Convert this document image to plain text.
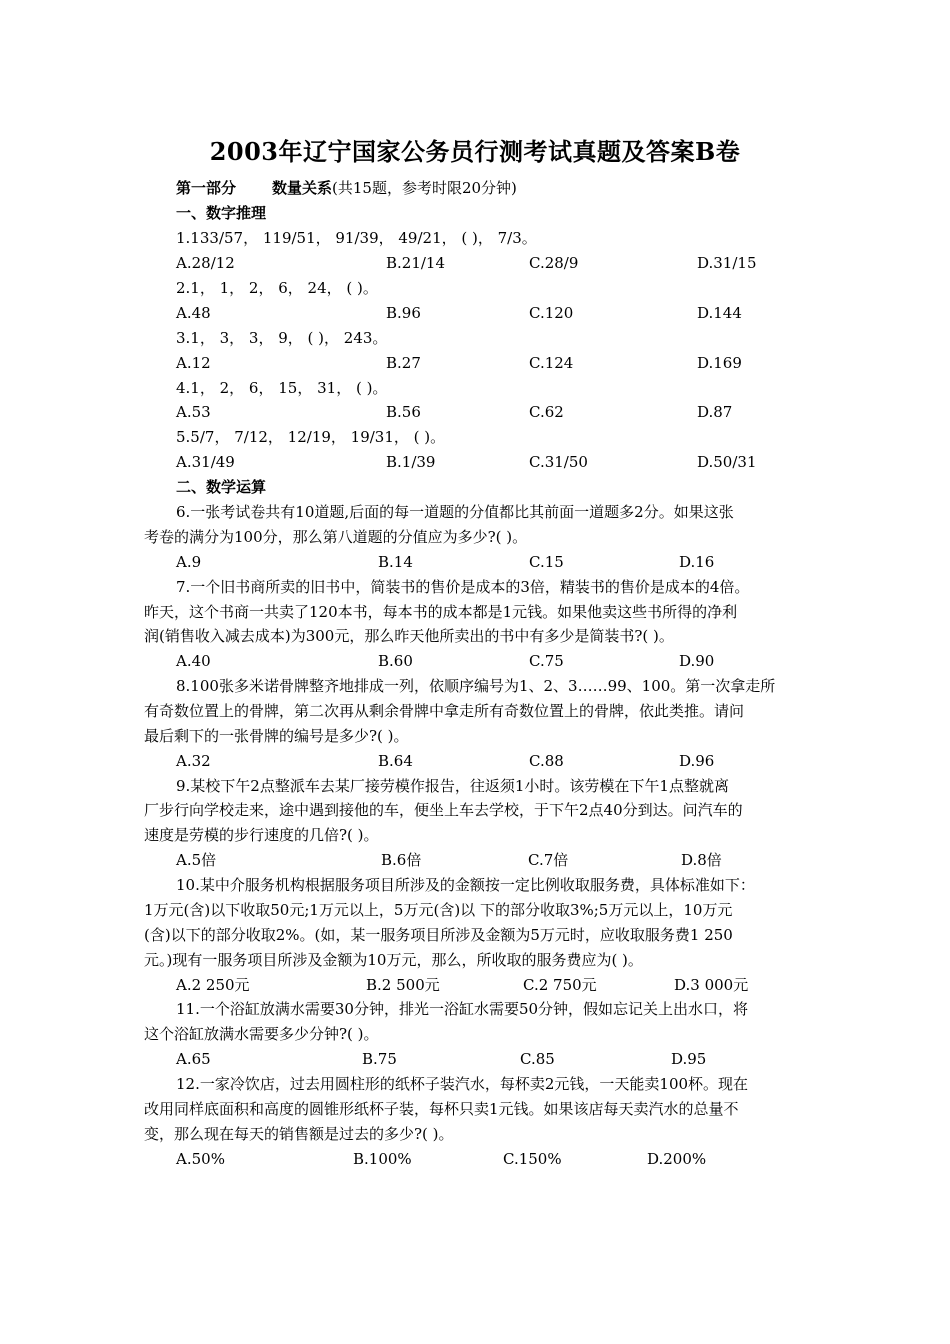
2003年辽宁国家公务员行测考试真题及答案B卷
第一部分 数量关系(共15题，参考时限20分钟)
一、数字推理
1.133/57， 119/51， 91/39， 49/21， ( )， 7/3。
A.28/12	B.21/14	C.28/9	D.31/15
2.1， 1， 2， 6， 24， ( )。
A.48	B.96	C.120	D.144
3.1， 3， 3， 9， ( )， 243。
A.12	B.27	C.124	D.169
4.1， 2， 6， 15， 31， ( )。
A.53	B.56	C.62	D.87
5.5/7， 7/12， 12/19， 19/31， ( )。
A.31/49	B.1/39	C.31/50	D.50/31
二、数学运算
6.一张考试卷共有10道题,后面的每一道题的分值都比其前面一道题多2分。如果这张
考卷的满分为100分，那么第八道题的分值应为多少?( )。
A.9	B.14	C.15	D.16
7.一个旧书商所卖的旧书中，简装书的售价是成本的3倍，精装书的售价是成本的4倍。
昨天，这个书商一共卖了120本书，每本书的成本都是1元钱。如果他卖这些书所得的净利
润(销售收入减去成本)为300元，那么昨天他所卖出的书中有多少是简装书?( )。
A.40	B.60	C.75	D.90
8.100张多米诺骨牌整齐地排成一列，依顺序编号为1、2、3……99、100。第一次拿走所
有奇数位置上的骨牌，第二次再从剩余骨牌中拿走所有奇数位置上的骨牌，依此类推。请问
最后剩下的一张骨牌的编号是多少?( )。
A.32	B.64	C.88	D.96
9.某校下午2点整派车去某厂接劳模作报告，往返须1小时。该劳模在下午1点整就离
厂步行向学校走来，途中遇到接他的车，便坐上车去学校，于下午2点40分到达。问汽车的
速度是劳模的步行速度的几倍?( )。
A.5倍	B.6倍	C.7倍	D.8倍
10.某中介服务机构根据服务项目所涉及的金额按一定比例收取服务费，具体标准如下：
1万元(含)以下收取50元;1万元以上，5万元(含)以 下的部分收取3%;5万元以上，10万元
(含)以下的部分收取2%。(如，某一服务项目所涉及金额为5万元时，应收取服务费1 250
元。)现有一服务项目所涉及金额为10万元，那么，所收取的服务费应为( )。
A.2 250元	B.2 500元	C.2 750元	D.3 000元
11.一个浴缸放满水需要30分钟，排光一浴缸水需要50分钟，假如忘记关上出水口，将
这个浴缸放满水需要多少分钟?( )。
A.65	B.75	C.85	D.95
12.一家冷饮店，过去用圆柱形的纸杯子装汽水，每杯卖2元钱，一天能卖100杯。现在
改用同样底面积和高度的圆锥形纸杯子装，每杯只卖1元钱。如果该店每天卖汽水的总量不
变，那么现在每天的销售额是过去的多少?( )。
A.50%	B.100%	C.150%	D.200%
